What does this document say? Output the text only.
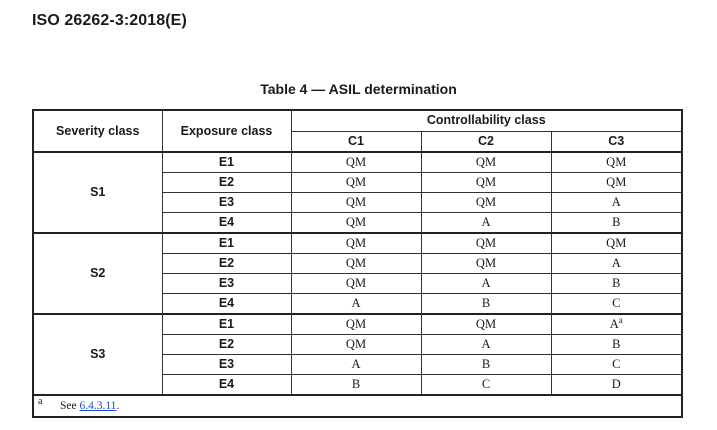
ISO 26262-3:2018(E)
Table 4 — ASIL determination
Severity class	Exposure class	Controllability class		
		C1	C2	C3
S1	E1	QM	QM	QM
	E2	QM	QM	QM
	E3	QM	QM	A
	E4	QM	A	B
S2	E1	QM	QM	QM
	E2	QM	QM	A
	E3	QM	A	B
	E4	A	B	C
S3	E1	QM	QM	$A^a$
	E2	QM	A	B
	E3	A	B	C
	E4	B	C	D
a See 6.4.3.11.				
